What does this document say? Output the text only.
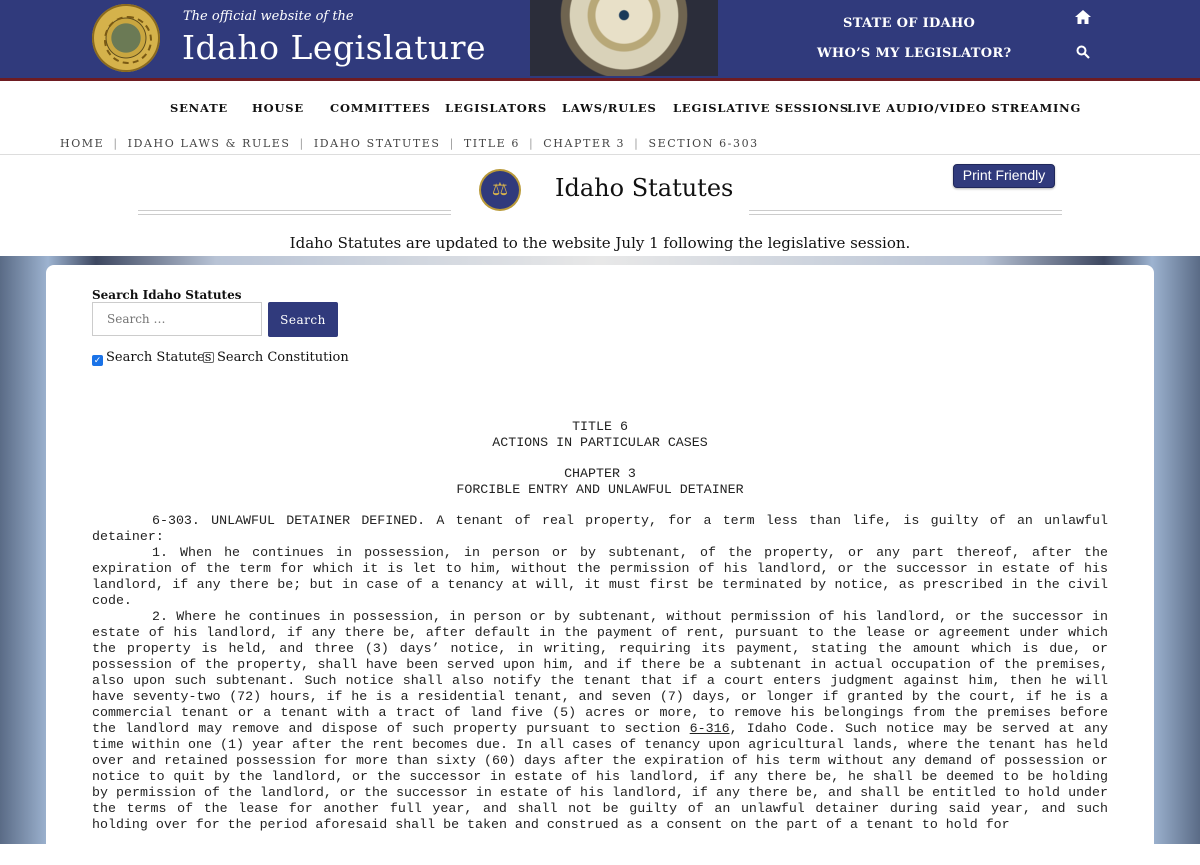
The official website of the
Idaho Legislature
STATE OF IDAHO
WHO’S MY LEGISLATOR?
SENATE HOUSE COMMITTEES LEGISLATORS LAWS/RULES LEGISLATIVE SESSIONS
LIVE AUDIO/VIDEO STREAMING
HOME | IDAHO LAWS & RULES | IDAHO STATUTES | TITLE 6 | CHAPTER 3 | SECTION 6-303
⚖	Idaho Statutes	Print Friendly
Idaho Statutes are updated to the website July 1 following the legislative session.
Search Idaho Statutes
Search …
Search
✓ Search Statutes Search Constitution
TITLE 6
ACTIONS IN PARTICULAR CASES
CHAPTER 3
FORCIBLE ENTRY AND UNLAWFUL DETAINER
6-303. UNLAWFUL DETAINER DEFINED. A tenant of real property, for a term less than life, is guilty of an unlawful detainer:
1. When he continues in possession, in person or by subtenant, of the property, or any part thereof, after the expiration of the term for which it is let to him, without the permission of his landlord, or the successor in estate of his landlord, if any there be; but in case of a tenancy at will, it must first be terminated by notice, as prescribed in the civil code.
2. Where he continues in possession, in person or by subtenant, without permission of his landlord, or the successor in estate of his landlord, if any there be, after default in the payment of rent, pursuant to the lease or agreement under which the property is held, and three (3) days’ notice, in writing, requiring its payment, stating the amount which is due, or possession of the property, shall have been served upon him, and if there be a subtenant in actual occupation of the premises, also upon such subtenant. Such notice shall also notify the tenant that if a court enters judgment against him, then he will have seventy-two (72) hours, if he is a residential tenant, and seven (7) days, or longer if granted by the court, if he is a commercial tenant or a tenant with a tract of land five (5) acres or more, to remove his belongings from the premises before the landlord may remove and dispose of such property pursuant to section 6-316, Idaho Code. Such notice may be served at any time within one (1) year after the rent becomes due. In all cases of tenancy upon agricultural lands, where the tenant has held over and retained possession for more than sixty (60) days after the expiration of his term without any demand of possession or notice to quit by the landlord, or the successor in estate of his landlord, if any there be, he shall be deemed to be holding by permission of the landlord, or the successor in estate of his landlord, if any there be, and shall be entitled to hold under the terms of the lease for another full year, and shall not be guilty of an unlawful detainer during said year, and such holding over for the period aforesaid shall be taken and construed as a consent on the part of a tenant to hold for
